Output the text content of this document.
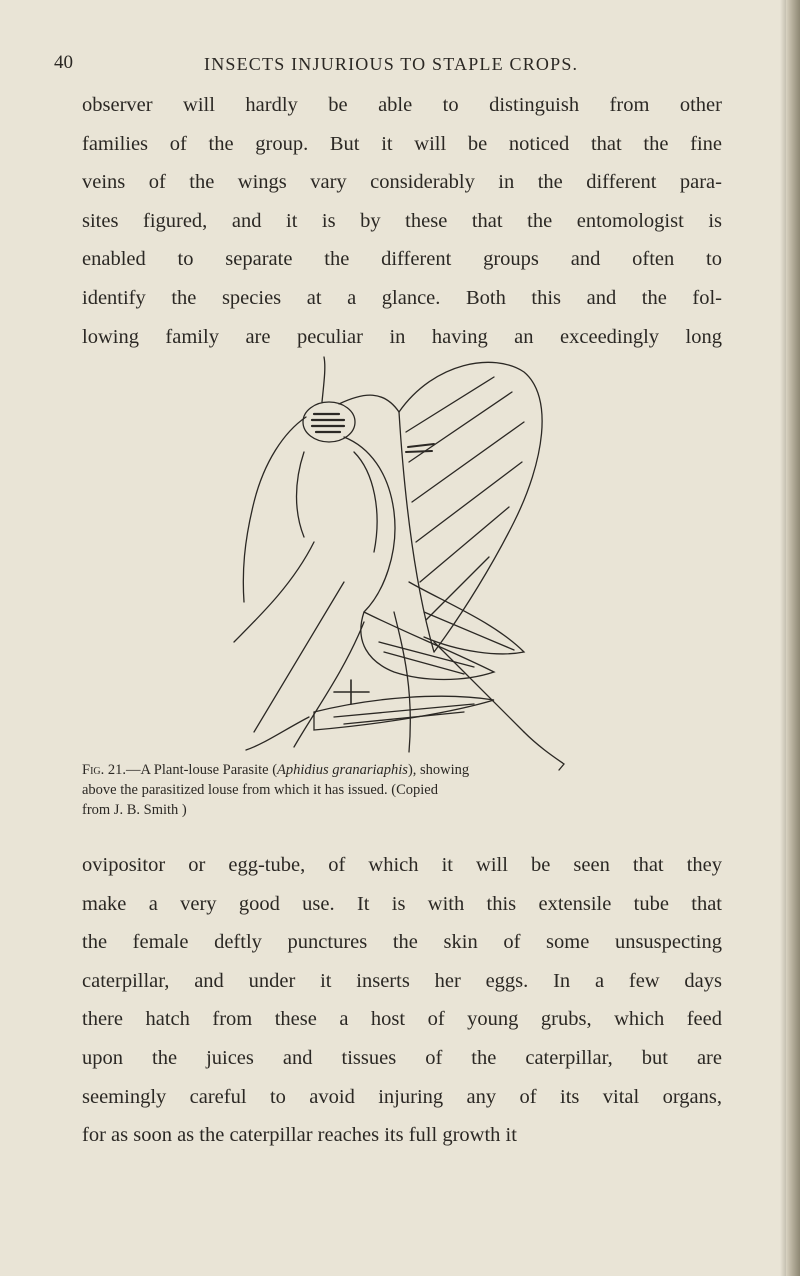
40	INSECTS INJURIOUS TO STAPLE CROPS.
observer will hardly be able to distinguish from other
families of the group. But it will be noticed that the fine
veins of the wings vary considerably in the different para-
sites figured, and it is by these that the entomologist is
enabled to separate the different groups and often to
identify the species at a glance. Both this and the fol-
lowing family are peculiar in having an exceedingly long
Fig. 21.—A Plant-louse Parasite (Aphidius granariaphis), showing
above the parasitized louse from which it has issued. (Copied
from J. B. Smith )
ovipositor or egg-tube, of which it will be seen that they
make a very good use. It is with this extensile tube that
the female deftly punctures the skin of some unsuspecting
caterpillar, and under it inserts her eggs. In a few days
there hatch from these a host of young grubs, which feed
upon the juices and tissues of the caterpillar, but are
seemingly careful to avoid injuring any of its vital organs,
for as soon as the caterpillar reaches its full growth it
